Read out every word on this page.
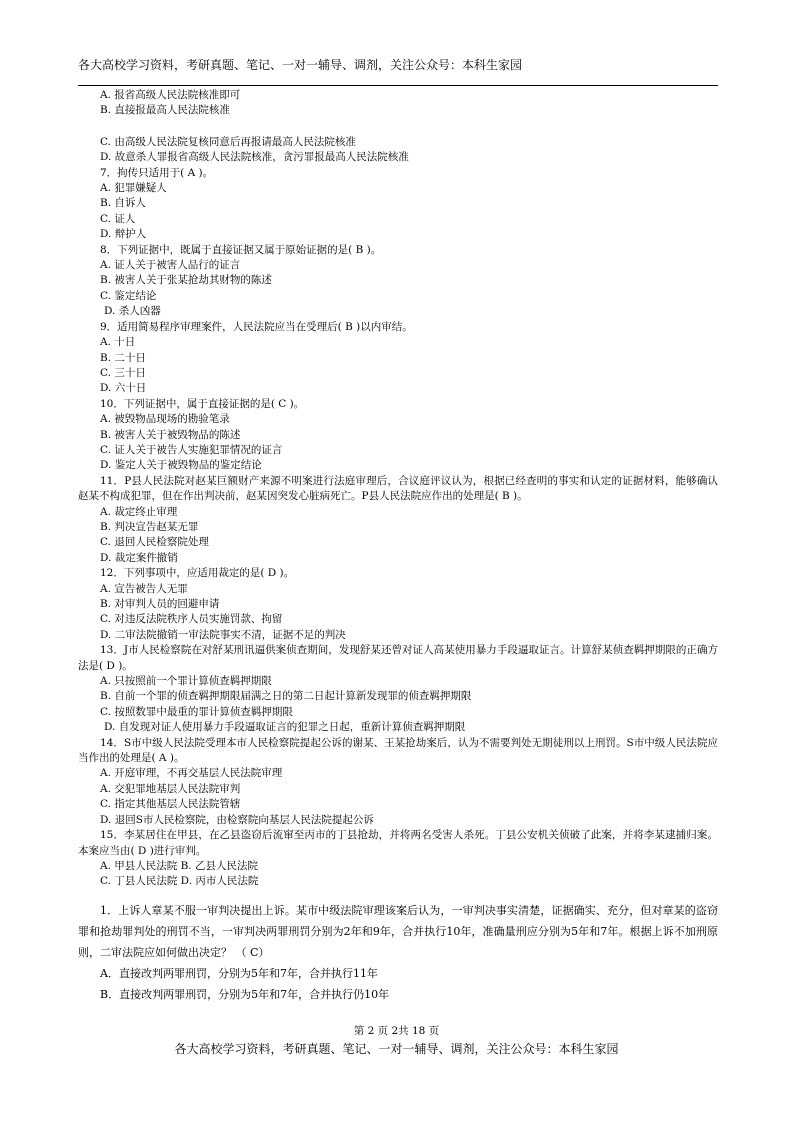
各大高校学习资料，考研真题、笔记、一对一辅导、调剂，关注公众号：本科生家园
A. 报省高级人民法院核准即可
B. 直接报最高人民法院核准
C. 由高级人民法院复核同意后再报请最高人民法院核准
D. 故意杀人罪报省高级人民法院核准，贪污罪报最高人民法院核准
7．拘传只适用于( A )。
A. 犯罪嫌疑人
B. 自诉人
C. 证人
D. 辩护人
8．下列证据中，既属于直接证据又属于原始证据的是( B )。
A. 证人关于被害人品行的证言
B. 被害人关于张某抢劫其财物的陈述
C. 鉴定结论
D. 杀人凶器
9．适用简易程序审理案件，人民法院应当在受理后( B )以内审结。
A. 十日
B. 二十日
C. 三十日
D. 六十日
10．下列证据中，属于直接证据的是( C )。
A. 被毁物品现场的勘验笔录
B. 被害人关于被毁物品的陈述
C. 证人关于被告人实施犯罪情况的证言
D. 鉴定人关于被毁物品的鉴定结论
11．P县人民法院对赵某巨额财产来源不明案进行法庭审理后，合议庭评议认为，根据已经查明的事实和认定的证据材料，能够确认赵某不构成犯罪，但在作出判决前，赵某因突发心脏病死亡。P县人民法院应作出的处理是( B )。
A. 裁定终止审理
B. 判决宣告赵某无罪
C. 退回人民检察院处理
D. 裁定案件撤销
12．下列事项中，应适用裁定的是( D )。
A. 宣告被告人无罪
B. 对审判人员的回避申请
C. 对违反法院秩序人员实施罚款、拘留
D. 二审法院撤销一审法院事实不清，证据不足的判决
13．J市人民检察院在对舒某刑讯逼供案侦查期间，发现舒某还曾对证人高某使用暴力手段逼取证言。计算舒某侦查羁押期限的正确方法是( D )。
A. 只按照前一个罪计算侦查羁押期限
B. 自前一个罪的侦查羁押期限届满之日的第二日起计算新发现罪的侦查羁押期限
C. 按照数罪中最重的罪计算侦查羁押期限
D. 自发现对证人使用暴力手段逼取证言的犯罪之日起，重新计算侦查羁押期限
14．S市中级人民法院受理本市人民检察院提起公诉的谢某、王某抢劫案后，认为不需要判处无期徒刑以上刑罚。S市中级人民法院应当作出的处理是( A )。
A. 开庭审理，不再交基层人民法院审理
A. 交犯罪地基层人民法院审判
C. 指定其他基层人民法院管辖
D. 退回S市人民检察院，由检察院向基层人民法院提起公诉
15．李某居住在甲县，在乙县盗窃后流窜至丙市的丁县抢劫，并将两名受害人杀死。丁县公安机关侦破了此案，并将李某逮捕归案。本案应当由( D )进行审判。
A. 甲县人民法院 B. 乙县人民法院
C. 丁县人民法院 D. 丙市人民法院
1．上诉人章某不服一审判决提出上诉。某市中级法院审理该案后认为，一审判决事实清楚，证据确实、充分，但对章某的盗窃罪和抢劫罪判处的刑罚不当，一审判决两罪刑罚分别为2年和9年，合并执行10年，准确量刑应分别为5年和7年。根据上诉不加刑原则，二审法院应如何做出决定？ （ C）
A．直接改判两罪刑罚，分别为5年和7年，合并执行11年
B．直接改判两罪刑罚，分别为5年和7年，合并执行仍10年
第 2 页 2共 18 页
各大高校学习资料，考研真题、笔记、一对一辅导、调剂，关注公众号：本科生家园
